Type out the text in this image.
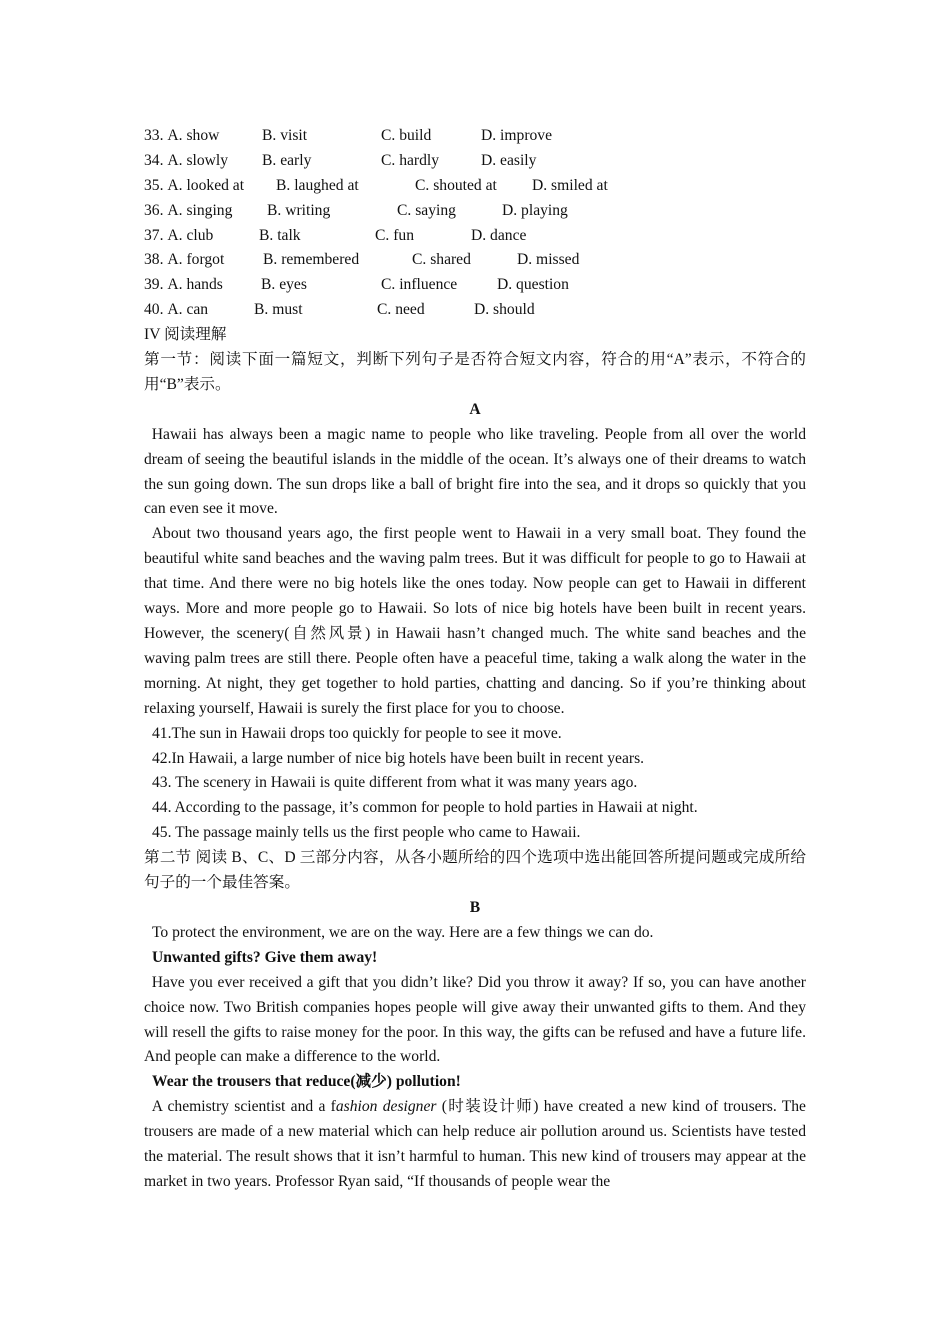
33. A. show	B. visit	C. build	D. improve
34. A. slowly	B. early	C. hardly	D. easily
35. A. looked at	B. laughed at	C. shouted at	D. smiled at
36. A. singing	B. writing	C. saying	D. playing
37. A. club	B. talk	C. fun	D. dance
38. A. forgot	B. remembered	C. shared	D. missed
39. A. hands	B. eyes	C. influence	D. question
40. A. can	B. must	C. need	D. should

IV 阅读理解

第一节：阅读下面一篇短文，判断下列句子是否符合短文内容，符合的用“A”表示，不符合的用“B”表示。

A

Hawaii has always been a magic name to people who like traveling. People from all over the world dream of seeing the beautiful islands in the middle of the ocean. It’s always one of their dreams to watch the sun going down. The sun drops like a ball of bright fire into the sea, and it drops so quickly that you can even see it move.

About two thousand years ago, the first people went to Hawaii in a very small boat. They found the beautiful white sand beaches and the waving palm trees. But it was difficult for people to go to Hawaii at that time. And there were no big hotels like the ones today. Now people can get to Hawaii in different ways. More and more people go to Hawaii. So lots of nice big hotels have been built in recent years. However, the scenery(自然风景) in Hawaii hasn’t changed much. The white sand beaches and the waving palm trees are still there. People often have a peaceful time, taking a walk along the water in the morning. At night, they get together to hold parties, chatting and dancing. So if you’re thinking about relaxing yourself, Hawaii is surely the first place for you to choose.

41.The sun in Hawaii drops too quickly for people to see it move.

42.In Hawaii, a large number of nice big hotels have been built in recent years.

43. The scenery in Hawaii is quite different from what it was many years ago.

44. According to the passage, it’s common for people to hold parties in Hawaii at night.

45. The passage mainly tells us the first people who came to Hawaii.

第二节 阅读 B、C、D 三部分内容，从各小题所给的四个选项中选出能回答所提问题或完成所给句子的一个最佳答案。

B

To protect the environment, we are on the way. Here are a few things we can do.

Unwanted gifts? Give them away!

Have you ever received a gift that you didn’t like? Did you throw it away? If so, you can have another choice now. Two British companies hopes people will give away their unwanted gifts to them. And they will resell the gifts to raise money for the poor. In this way, the gifts can be refused and have a future life. And people can make a difference to the world.

Wear the trousers that reduce(减少) pollution!

A chemistry scientist and a fashion designer (时装设计师) have created a new kind of trousers. The trousers are made of a new material which can help reduce air pollution around us. Scientists have tested the material. The result shows that it isn’t harmful to human. This new kind of trousers may appear at the market in two years. Professor Ryan said, “If thousands of people wear the
